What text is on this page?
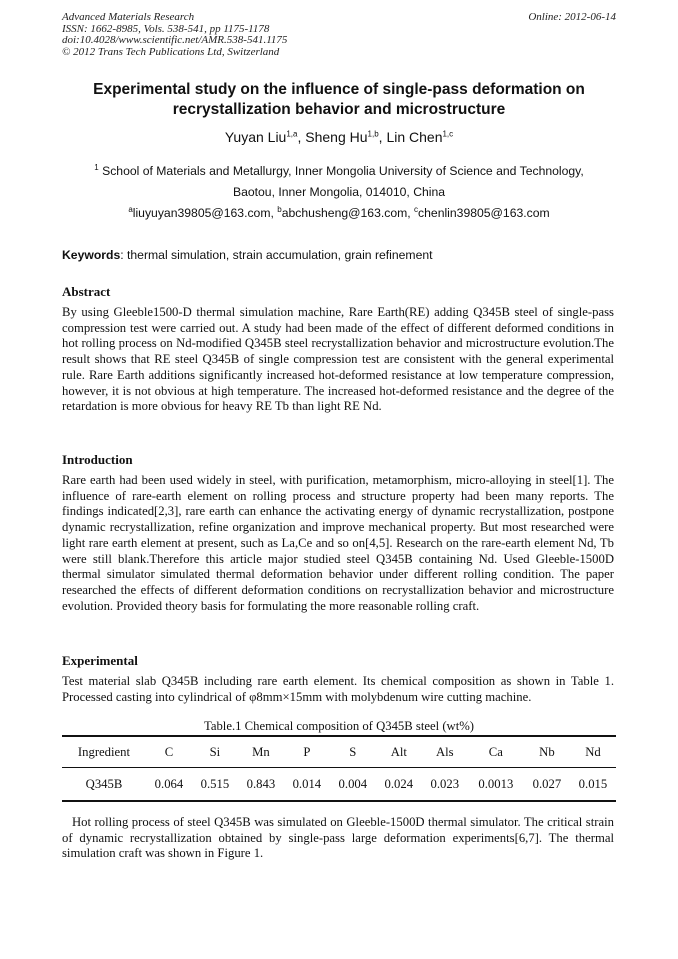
Advanced Materials Research
ISSN: 1662-8985, Vols. 538-541, pp 1175-1178
doi:10.4028/www.scientific.net/AMR.538-541.1175
© 2012 Trans Tech Publications Ltd, Switzerland
Online: 2012-06-14
Experimental study on the influence of single-pass deformation on recrystallization behavior and microstructure
Yuyan Liu$^{1,a}$, Sheng Hu$^{1,b}$, Lin Chen$^{1,c}$
$^1$ School of Materials and Metallurgy, Inner Mongolia University of Science and Technology,
Baotou, Inner Mongolia, 014010, China
$^a$liuyuyan39805@163.com, $^b$abchusheng@163.com, $^c$chenlin39805@163.com
Keywords: thermal simulation, strain accumulation, grain refinement
Abstract
By using Gleeble1500-D thermal simulation machine, Rare Earth(RE) adding Q345B steel of single-pass compression test were carried out. A study had been made of the effect of different deformed conditions in hot rolling process on Nd-modified Q345B steel recrystallization behavior and microstructure evolution.The result shows that RE steel Q345B of single compression test are consistent with the general experimental rule. Rare Earth additions significantly increased hot-deformed resistance at low temperature compression, however, it is not obvious at high temperature. The increased hot-deformed resistance and the degree of the retardation is more obvious for heavy RE Tb than light RE Nd.
Introduction
Rare earth had been used widely in steel, with purification, metamorphism, micro-alloying in steel[1]. The influence of rare-earth element on rolling process and structure property had been many reports. The findings indicated[2,3], rare earth can enhance the activating energy of dynamic recrystallization, postpone dynamic recrystallization, refine organization and improve mechanical property. But most researched were light rare earth element at present, such as La,Ce and so on[4,5]. Research on the rare-earth element Nd, Tb were still blank.Therefore this article major studied steel Q345B containing Nd. Used Gleeble-1500D thermal simulator simulated thermal deformation behavior under different rolling condition. The paper researched the effects of different deformation conditions on recrystallization behavior and microstructure evolution. Provided theory basis for formulating the more reasonable rolling craft.
Experimental
Test material slab Q345B including rare earth element. Its chemical composition as shown in Table 1. Processed casting into cylindrical of φ8mm×15mm with molybdenum wire cutting machine.
Table.1 Chemical composition of Q345B steel (wt%)
Ingredient	C	Si	Mn	P	S	Alt	Als	Ca	Nb	Nd
Q345B	0.064	0.515	0.843	0.014	0.004	0.024	0.023	0.0013	0.027	0.015
Hot rolling process of steel Q345B was simulated on Gleeble-1500D thermal simulator. The critical strain of dynamic recrystallization obtained by single-pass large deformation experiments[6,7]. The thermal simulation craft was shown in Figure 1.
